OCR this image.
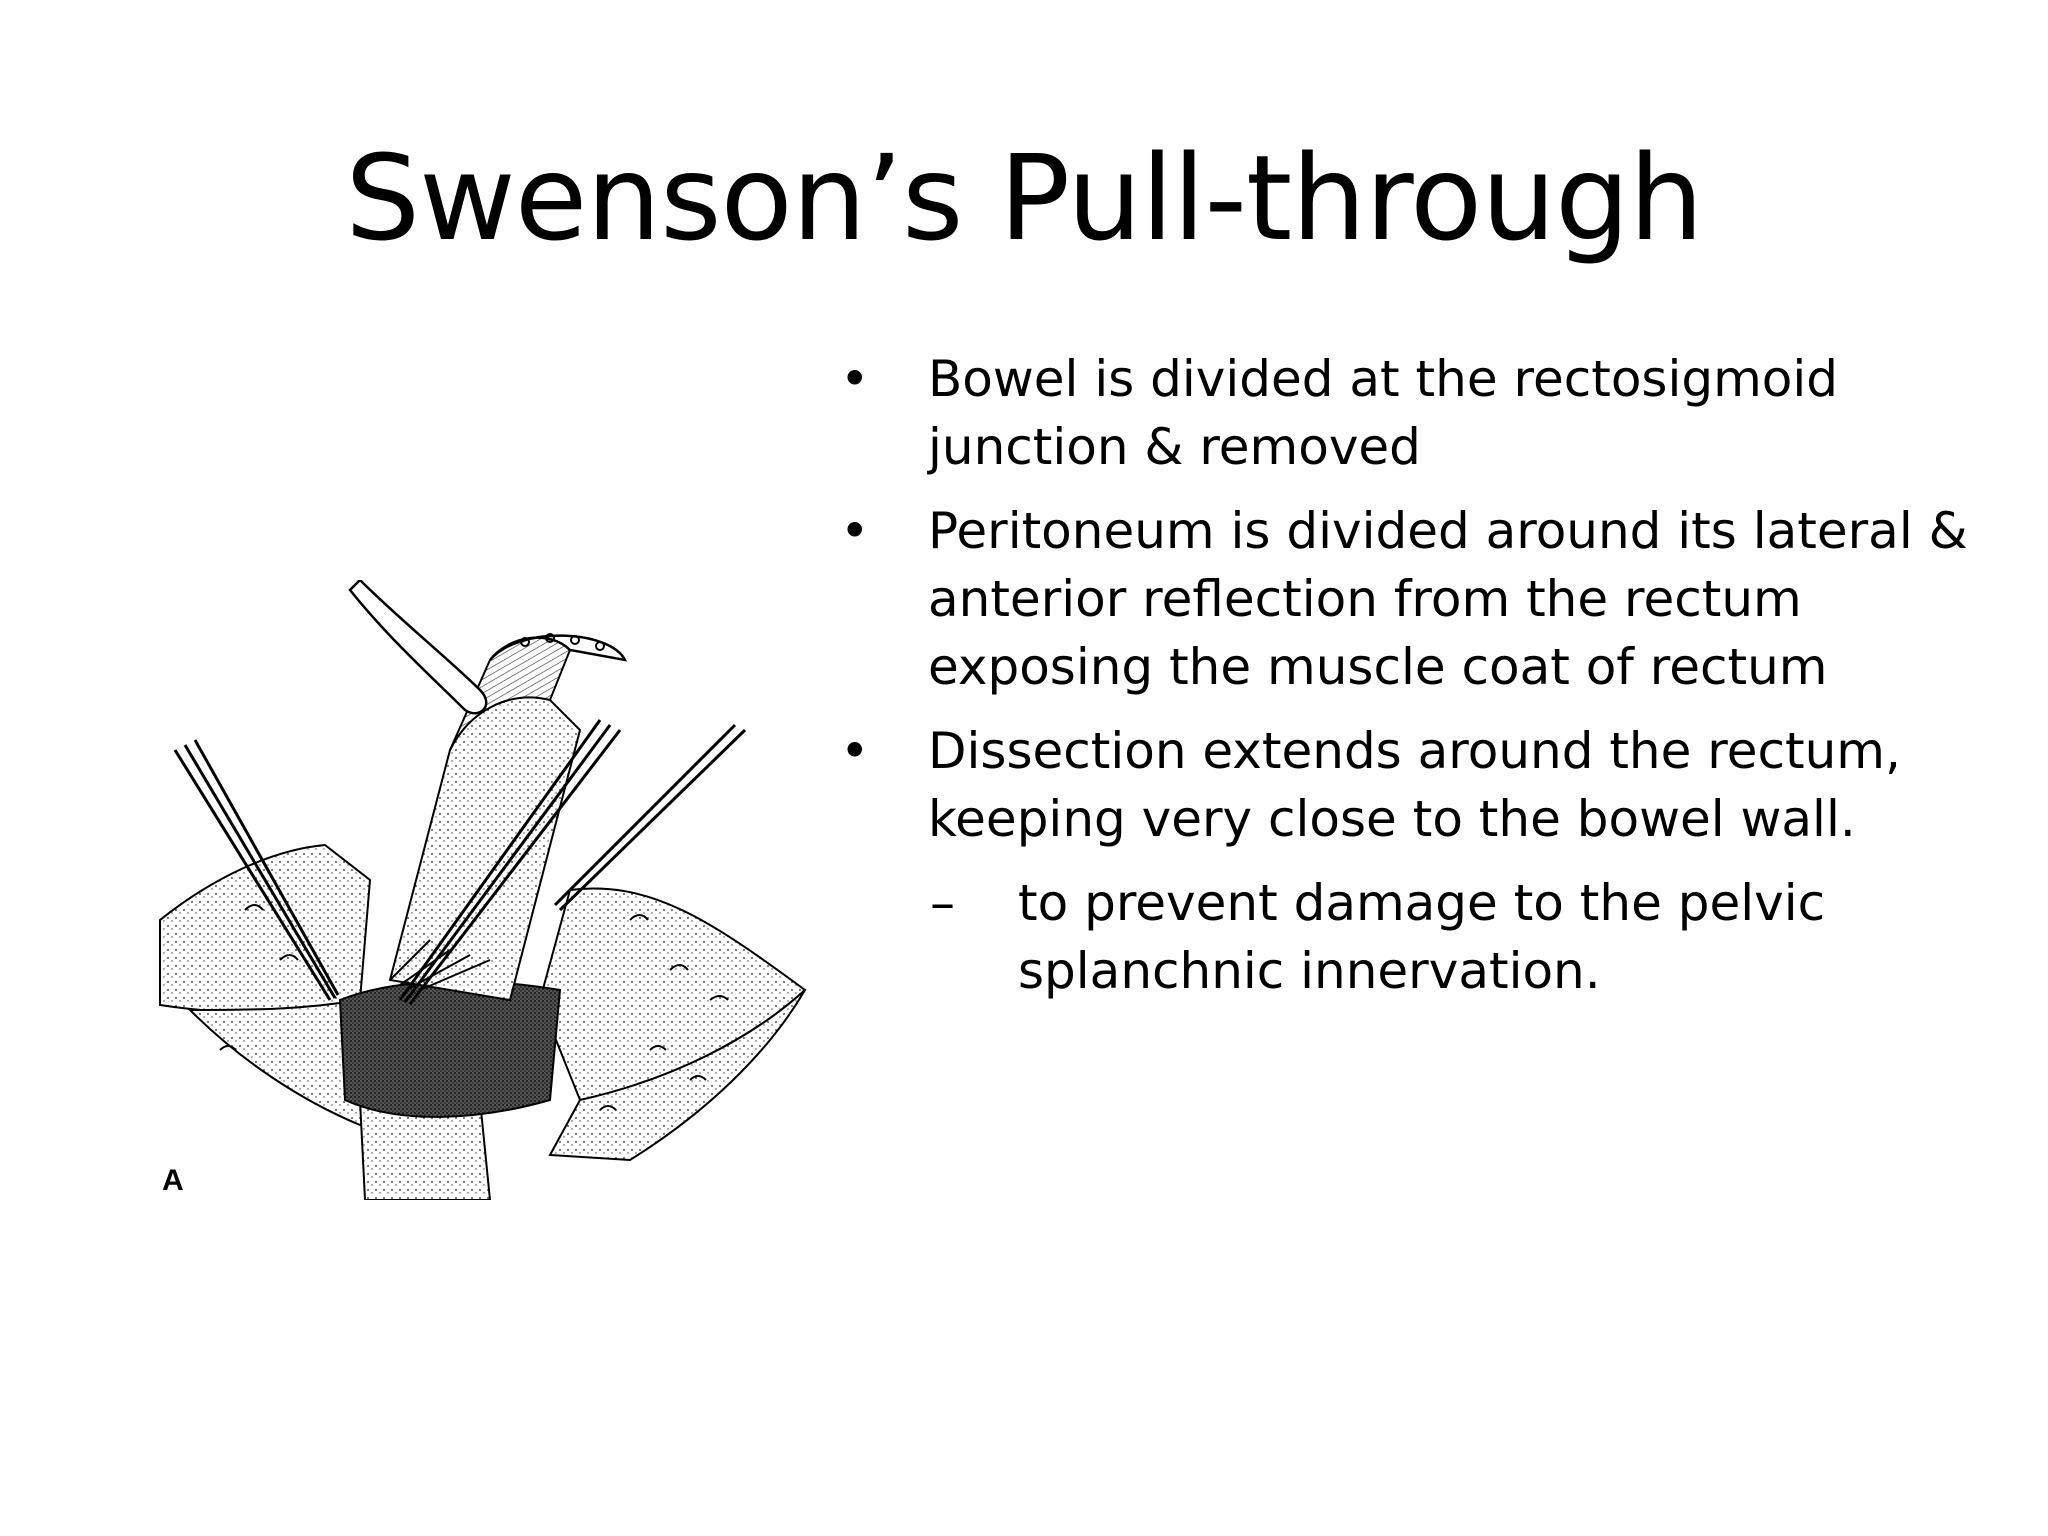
Swenson’s Pull-through
A
• Bowel is divided at the rectosigmoid junction & removed
• Peritoneum is divided around its lateral & anterior reflection from the rectum exposing the muscle coat of rectum
• Dissection extends around the rectum, keeping very close to the bowel wall.
–	to prevent damage to the pelvic splanchnic innervation.
